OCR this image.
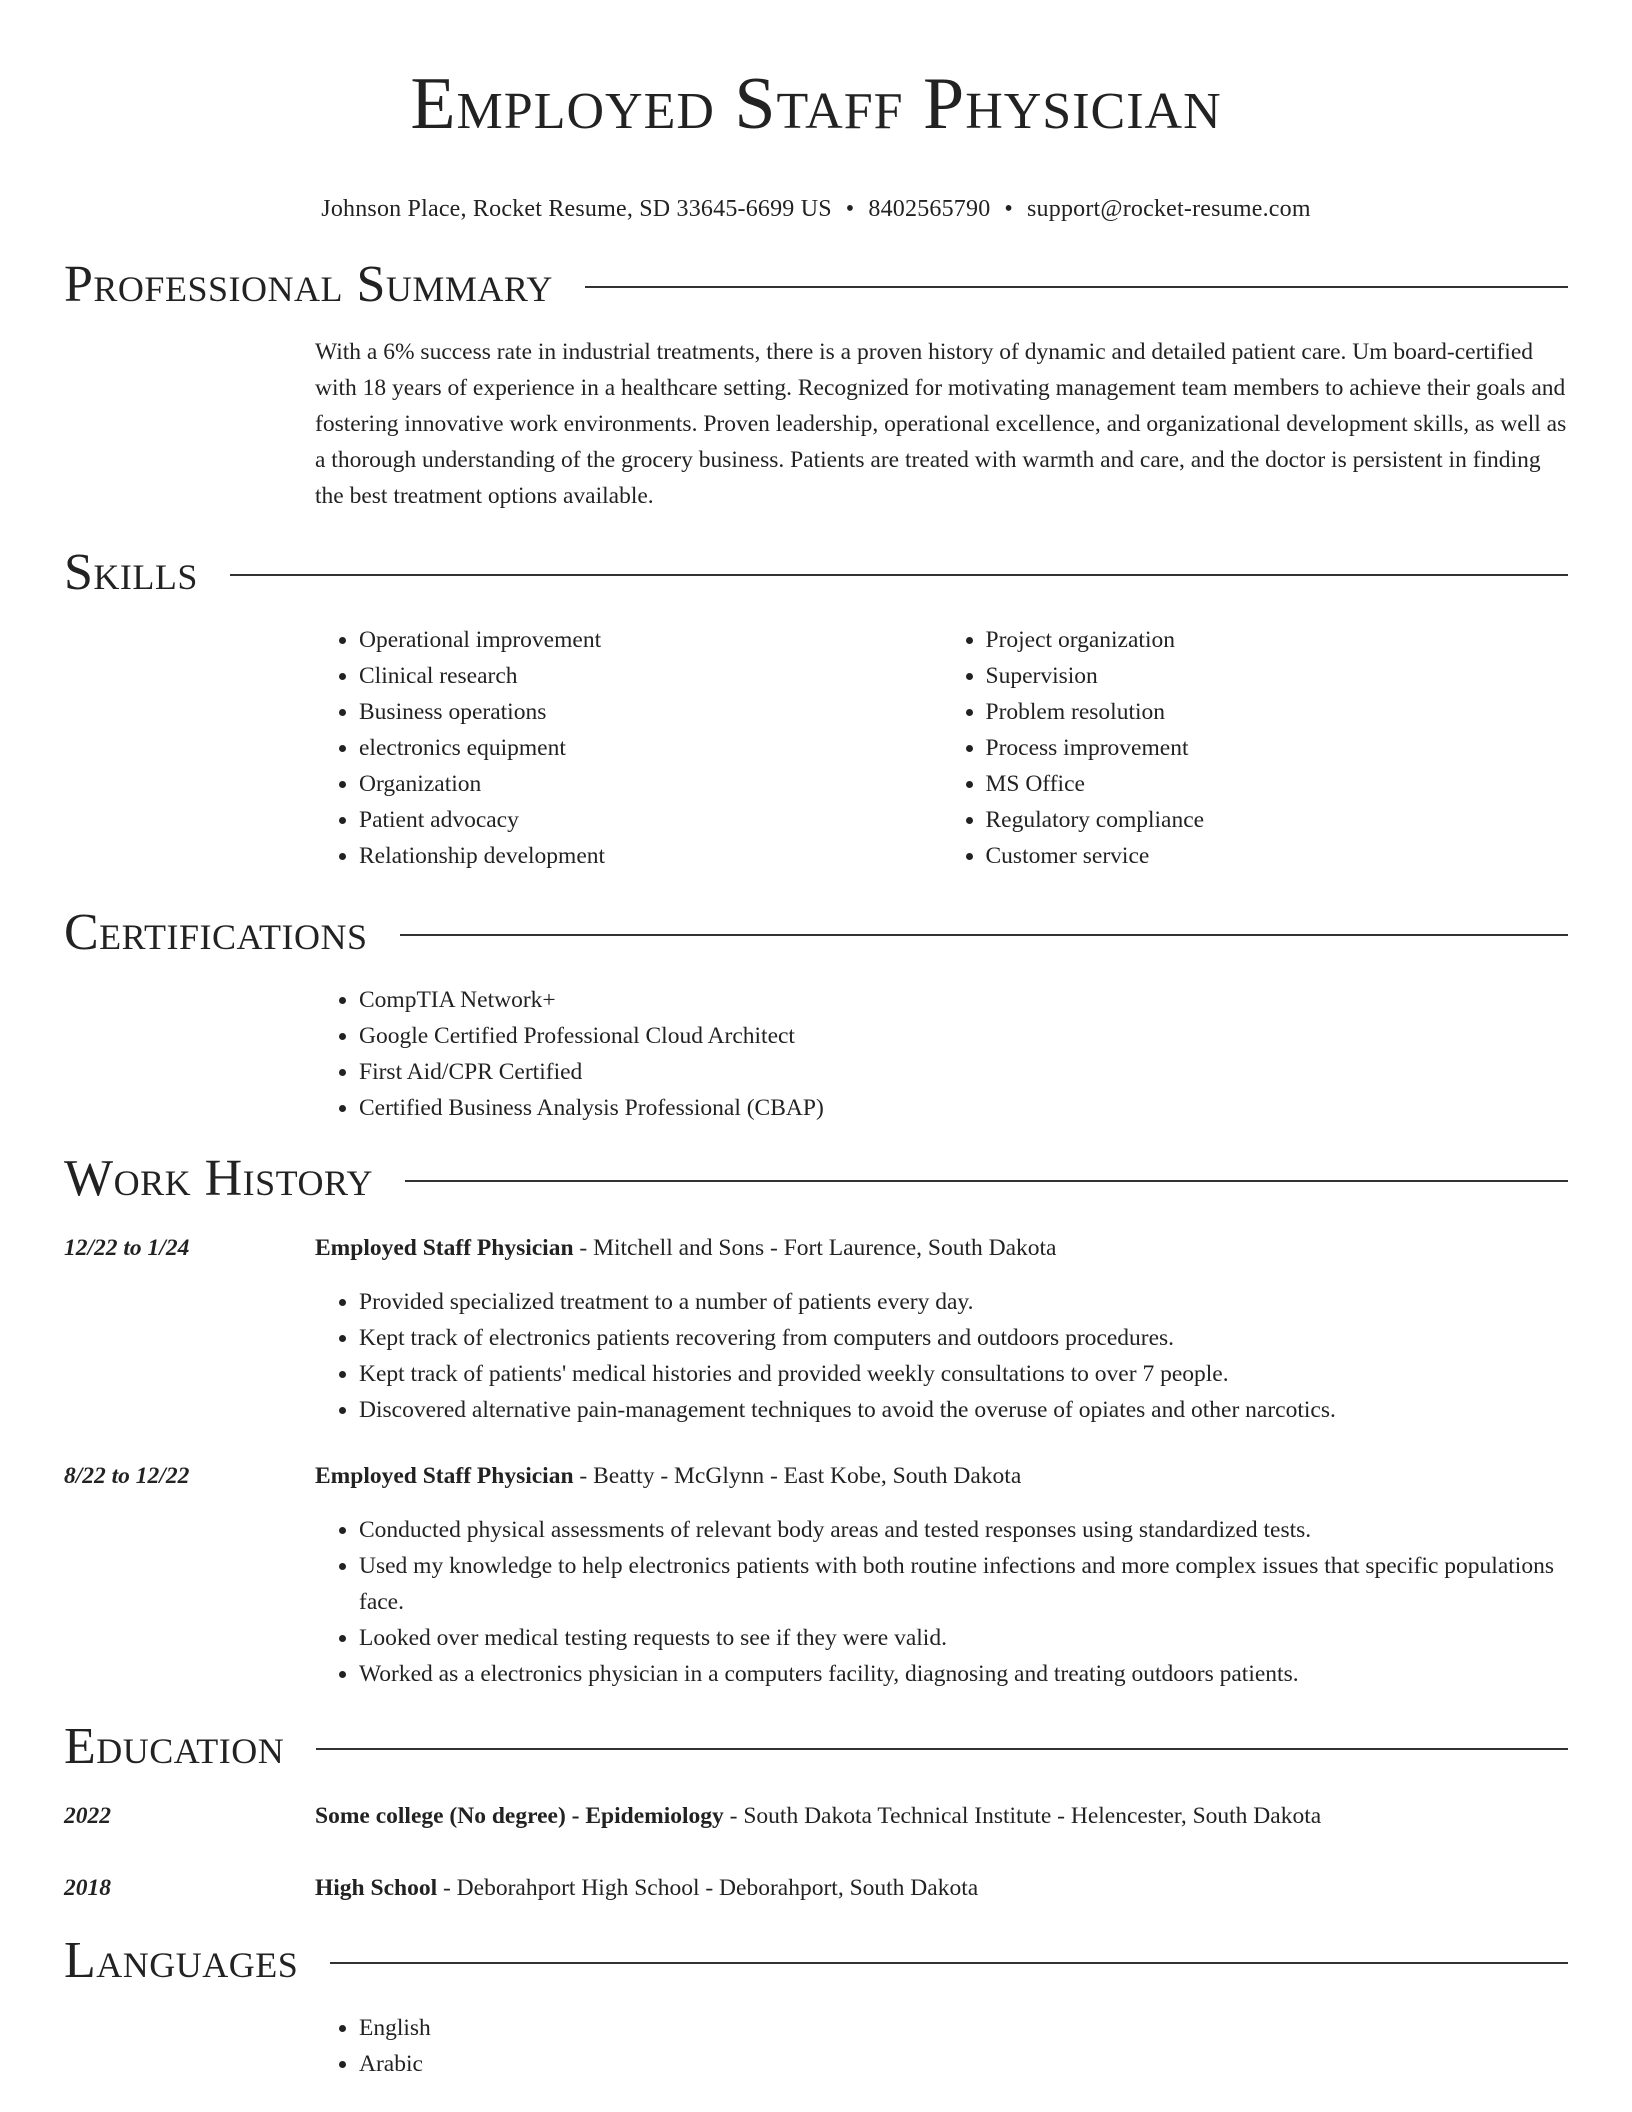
Employed Staff Physician
Johnson Place, Rocket Resume, SD 33645-6699 US • 8402565790 • support@rocket-resume.com
Professional Summary

With a 6% success rate in industrial treatments, there is a proven history of dynamic and detailed patient care. Um board-certified with 18 years of experience in a healthcare setting. Recognized for motivating management team members to achieve their goals and fostering innovative work environments. Proven leadership, operational excellence, and organizational development skills, as well as a thorough understanding of the grocery business. Patients are treated with warmth and care, and the doctor is persistent in finding the best treatment options available.

Skills
• Operational improvement
• Clinical research
• Business operations
• electronics equipment
• Organization
• Patient advocacy
• Relationship development
• Project organization
• Supervision
• Problem resolution
• Process improvement
• MS Office
• Regulatory compliance
• Customer service
Certifications
• CompTIA Network+
• Google Certified Professional Cloud Architect
• First Aid/CPR Certified
• Certified Business Analysis Professional (CBAP)
Work History
12/22 to 1/24	Employed Staff Physician - Mitchell and Sons - Fort Laurence, South Dakota
• Provided specialized treatment to a number of patients every day.
• Kept track of electronics patients recovering from computers and outdoors procedures.
• Kept track of patients' medical histories and provided weekly consultations to over 7 people.
• Discovered alternative pain-management techniques to avoid the overuse of opiates and other narcotics.
8/22 to 12/22	Employed Staff Physician - Beatty - McGlynn - East Kobe, South Dakota
• Conducted physical assessments of relevant body areas and tested responses using standardized tests.
• Used my knowledge to help electronics patients with both routine infections and more complex issues that specific populations face.
• Looked over medical testing requests to see if they were valid.
• Worked as a electronics physician in a computers facility, diagnosing and treating outdoors patients.
Education
2022	Some college (No degree) - Epidemiology - South Dakota Technical Institute - Helencester, South Dakota
2018	High School - Deborahport High School - Deborahport, South Dakota
Languages
• English
• Arabic
